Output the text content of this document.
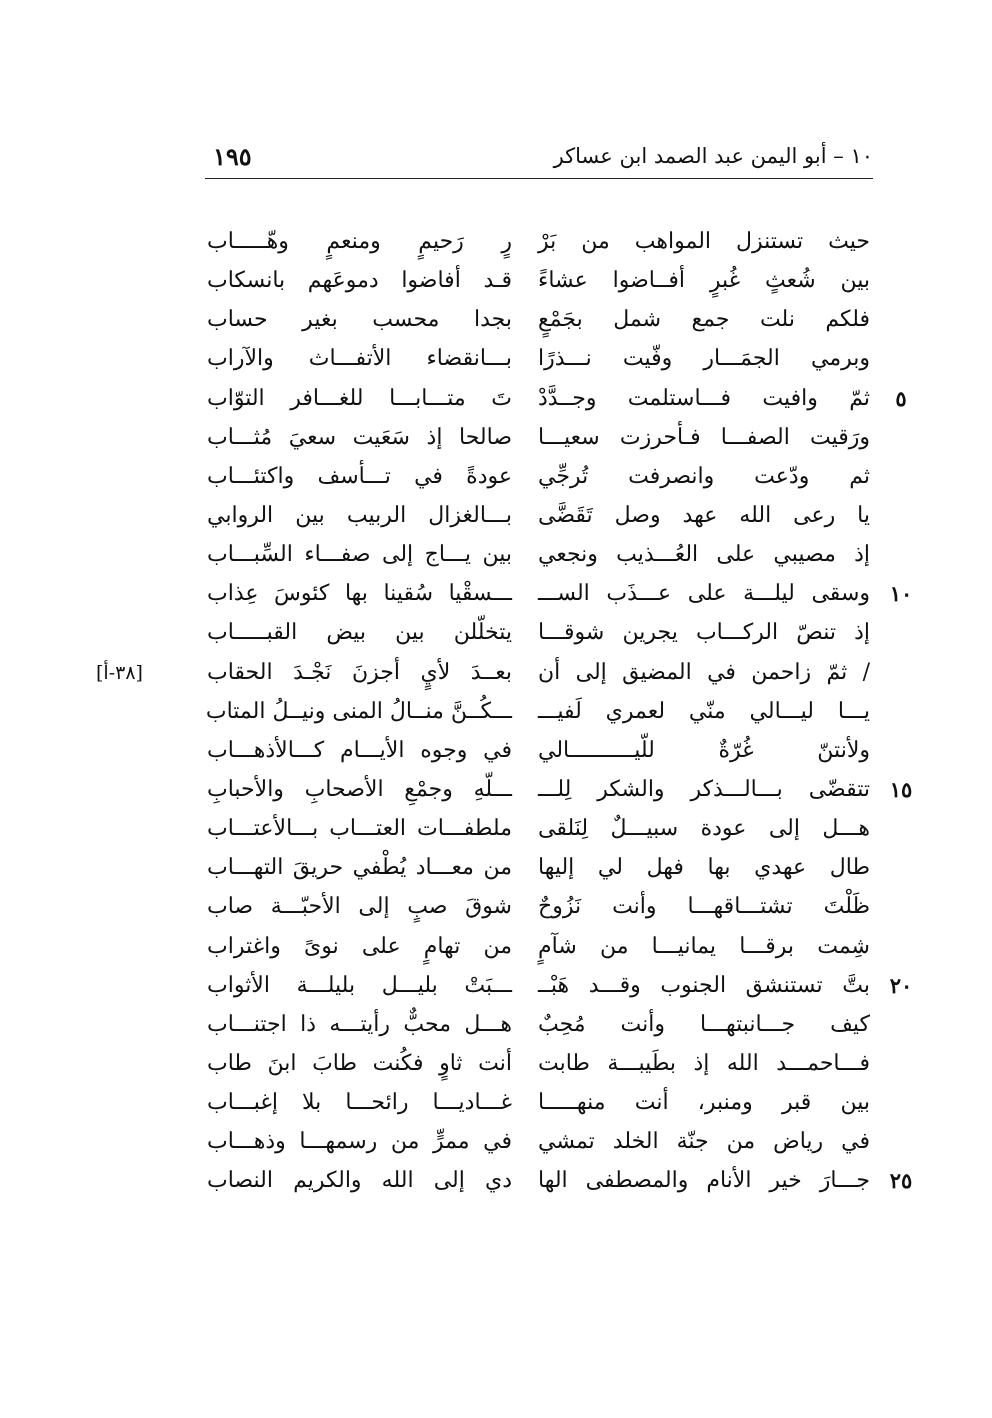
١٩٥	١٠ – أبو اليمن عبد الصمد ابن عساكر
[٣٨-أ]
حيث تستنزل المواهب من بَرْ
رٍ رَحيمٍ ومنعمٍ وهّـــــاب
بين شُعثٍ غُبرٍ أفــاضوا عشاءً
قـد أفاضوا دموعَهم بانسكاب
فلكم نلت جمع شمل بجَمْعٍ
بجدا محسب بغير حساب
وبرمي الجمَـــار وفّيت نـــذرًا
بـــانقضاء الأتفـــاث والآراب
٥
ثمّ وافيت فـــاستلمت وجــدَّدْ
تَ متـــابـــا للغـــافر التوّاب
ورَقيت الصفـــا فـأحرزت سعيـــا
صالحا إذ سَعَيت سعيَ مُثـــاب
ثم ودّعت وانصرفت تُرجِّي
عودةً في تـــأسف واكتئـــاب
يا رعى الله عهد وصل تَقَضَّى
بـــالغزال الربيب بين الروابي
إذ مصيبي على العُـــذيب ونجعي
بين يـــاج إلى صفـــاء السِّبـــاب
١٠
وسقى ليلـــة على عـــذَب الســـ
ـــسقْيا سُقينا بها كئوسَ عِذاب
إذ تنصّ الركـــاب يجرين شوقـــا
يتخلّلن بين بيض القبـــــاب
/ ثمّ زاحمن في المضيق إلى أن
بعــدَ لأيٍ أجزنَ نَجْـدَ الحقاب
يـــا ليـــالي منّي لعمري لَفيـــ
ـــكُــنَّ منــالُ المنى ونيــلُ المتاب
ولأنتنّ غُرّةٌ للّيــــــــــالي
في وجوه الأيـــام كـــالأذهـــاب
١٥
تتقضّى بـــالـــذكر والشكر لِلـــ
ـــلّهِ وجمْعِ الأصحابِ والأحبابِ
هـــل إلى عودة سبيـــلٌ لِنَلقى
ملطفـــات العتـــاب بـــالأعتـــاب
طال عهدي بها فهل لي إليها
من معـــاد يُطْفي حريقَ التهـــاب
ظَلْتَ تشتـــاقهـــا وأنت نَزُوحٌ
شوقَ صبٍ إلى الأحبّـــة صاب
شِمت برقـــا يمانيـــا من شآمٍ
من تهامٍ على نوىً واغتراب
٢٠
بتَّ تستنشق الجنوب وقـــد هَبْــ
ـــبَتْ بليـــل بليلـــة الأثواب
كيف جـــانبتهـــا وأنت مُحِبٌ
هـــل محبٌّ رأيتـــه ذا اجتنـــاب
فـــاحمـــد الله إذ بطَيبـــة طابت
أنت ثاوٍ فكُنت طابَ ابنَ طاب
بين قبر ومنبر، أنت منهـــــا
غـــاديـــا رائحـــا بلا إغبـــاب
في رياض من جنّة الخلد تمشي
في ممرٍّ من رسمهـــا وذهـــاب
٢٥
جـــارَ خير الأنام والمصطفى الها
دي إلى الله والكريم النصاب
